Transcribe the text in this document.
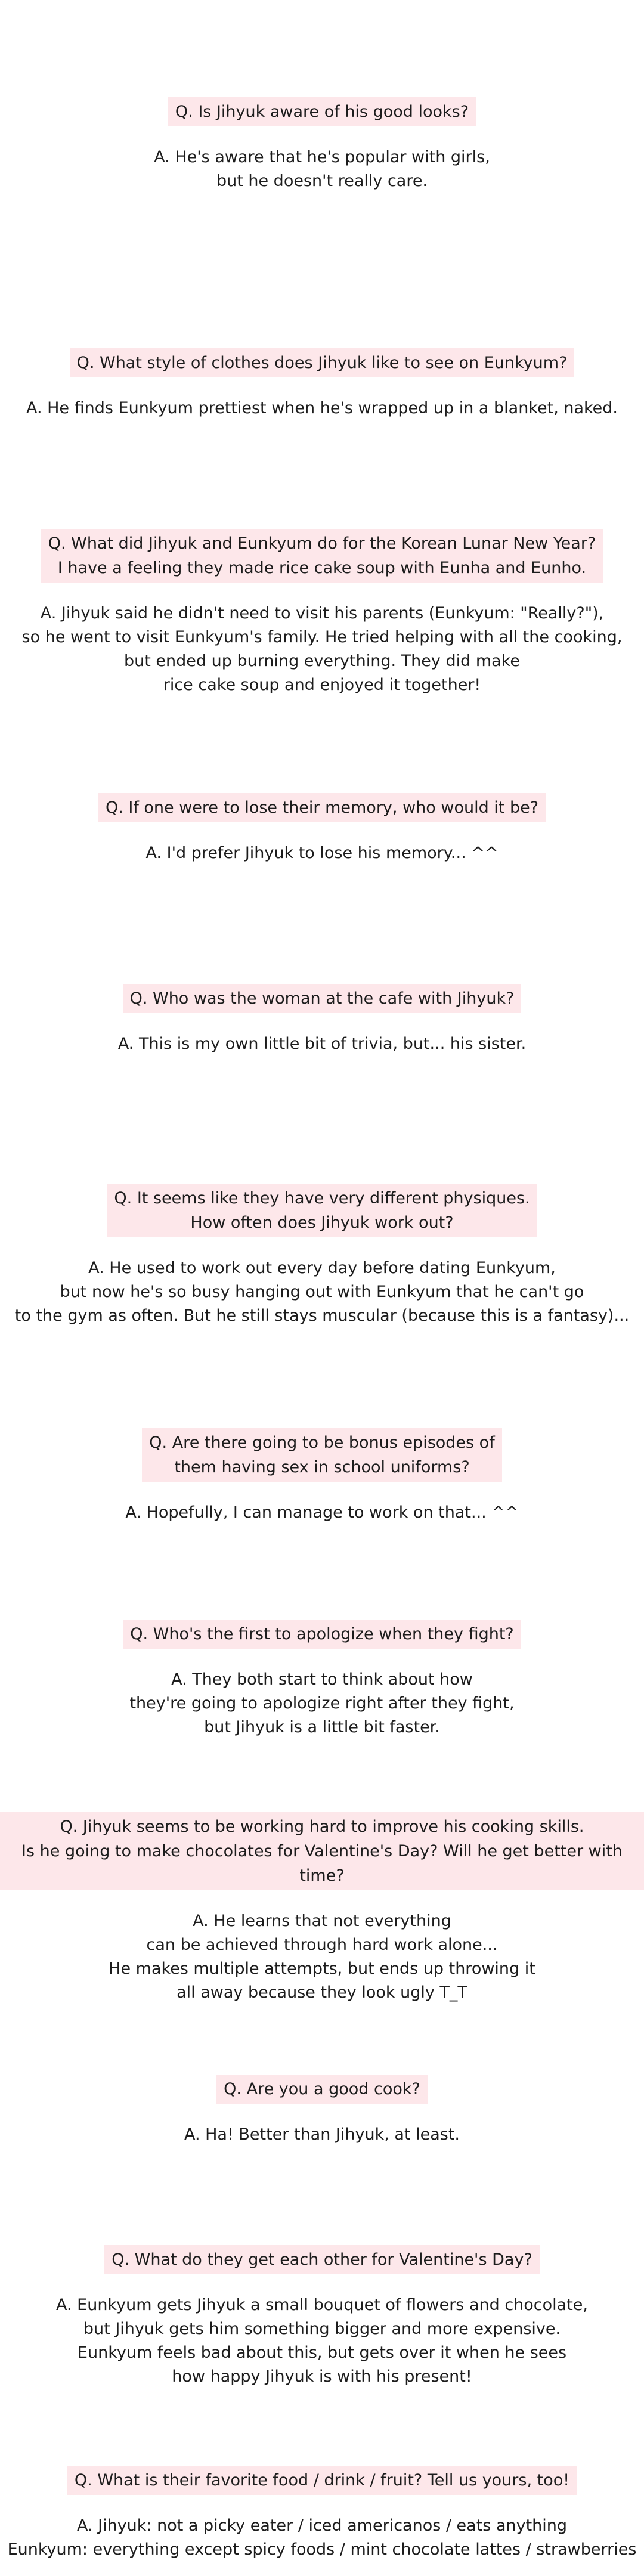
Q. Is Jihyuk aware of his good looks?
A. He's aware that he's popular with girls,
but he doesn't really care.
Q. What style of clothes does Jihyuk like to see on Eunkyum?
A. He finds Eunkyum prettiest when he's wrapped up in a blanket, naked.
Q. What did Jihyuk and Eunkyum do for the Korean Lunar New Year?
I have a feeling they made rice cake soup with Eunha and Eunho.
A. Jihyuk said he didn't need to visit his parents (Eunkyum: "Really?"),
so he went to visit Eunkyum's family. He tried helping with all the cooking,
but ended up burning everything. They did make
rice cake soup and enjoyed it together!
Q. If one were to lose their memory, who would it be?
A. I'd prefer Jihyuk to lose his memory... ^^
Q. Who was the woman at the cafe with Jihyuk?
A. This is my own little bit of trivia, but... his sister.
Q. It seems like they have very different physiques.
How often does Jihyuk work out?
A. He used to work out every day before dating Eunkyum,
but now he's so busy hanging out with Eunkyum that he can't go
to the gym as often. But he still stays muscular (because this is a fantasy)...
Q. Are there going to be bonus episodes of
them having sex in school uniforms?
A. Hopefully, I can manage to work on that... ^^
Q. Who's the first to apologize when they fight?
A. They both start to think about how
they're going to apologize right after they fight,
but Jihyuk is a little bit faster.
Q. Jihyuk seems to be working hard to improve his cooking skills.
Is he going to make chocolates for Valentine's Day? Will he get better with time?
A. He learns that not everything
can be achieved through hard work alone...
He makes multiple attempts, but ends up throwing it
all away because they look ugly T_T
Q. Are you a good cook?
A. Ha! Better than Jihyuk, at least.
Q. What do they get each other for Valentine's Day?
A. Eunkyum gets Jihyuk a small bouquet of flowers and chocolate,
but Jihyuk gets him something bigger and more expensive.
Eunkyum feels bad about this, but gets over it when he sees
how happy Jihyuk is with his present!
Q. What is their favorite food / drink / fruit? Tell us yours, too!
A. Jihyuk: not a picky eater / iced americanos / eats anything
Eunkyum: everything except spicy foods / mint chocolate lattes / strawberries
